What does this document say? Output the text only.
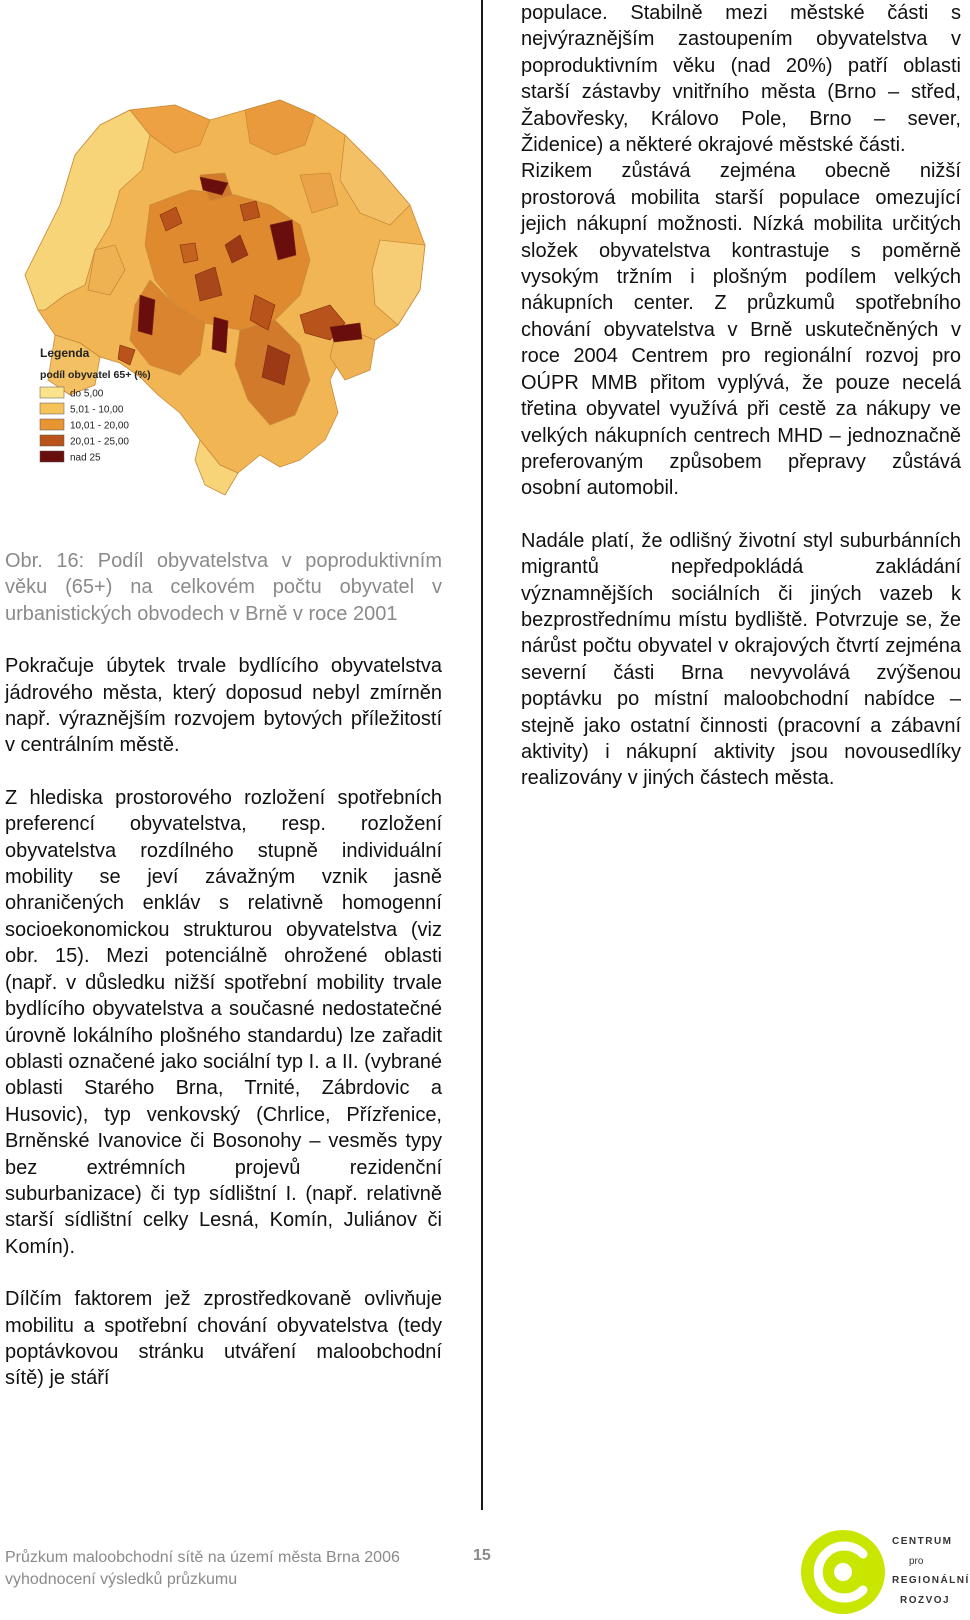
Legenda
podíl obyvatel 65+ (%)
do 5,00
5,01 - 10,00
10,01 - 20,00
20,01 - 25,00
nad 25

Obr. 16: Podíl obyvatelstva v poproduktivním věku (65+) na celkovém počtu obyvatel v urbanistických obvodech v Brně v roce 2001

Pokračuje úbytek trvale bydlícího obyvatelstva jádrového města, který doposud nebyl zmírněn např. výraznějším rozvojem bytových příležitostí v centrálním městě.

Z hlediska prostorového rozložení spotřebních preferencí obyvatelstva, resp. rozložení obyvatelstva rozdílného stupně individuální mobility se jeví závažným vznik jasně ohraničených enkláv s relativně homogenní socioekonomickou strukturou obyvatelstva (viz obr. 15). Mezi potenciálně ohrožené oblasti (např. v důsledku nižší spotřební mobility trvale bydlícího obyvatelstva a současné nedostatečné úrovně lokálního plošného standardu) lze zařadit oblasti označené jako sociální typ I. a II. (vybrané oblasti Starého Brna, Trnité, Zábrdovic a Husovic), typ venkovský (Chrlice, Přízřenice, Brněnské Ivanovice či Bosonohy – vesměs typy bez extrémních projevů rezidenční suburbanizace) či typ sídlištní I. (např. relativně starší sídlištní celky Lesná, Komín, Juliánov či Komín).

Dílčím faktorem jež zprostředkovaně ovlivňuje mobilitu a spotřební chování obyvatelstva (tedy poptávkovou stránku utváření maloobchodní sítě) je stáří

populace. Stabilně mezi městské části s nejvýraznějším zastoupením obyvatelstva v poproduktivním věku (nad 20%) patří oblasti starší zástavby vnitřního města (Brno – střed, Žabovřesky, Královo Pole, Brno – sever, Židenice) a některé okrajové městské části.

Rizikem zůstává zejména obecně nižší prostorová mobilita starší populace omezující jejich nákupní možnosti. Nízká mobilita určitých složek obyvatelstva kontrastuje s poměrně vysokým tržním i plošným podílem velkých nákupních center. Z průzkumů spotřebního chování obyvatelstva v Brně uskutečněných v roce 2004 Centrem pro regionální rozvoj pro OÚPR MMB přitom vyplývá, že pouze necelá třetina obyvatel využívá při cestě za nákupy ve velkých nákupních centrech MHD – jednoznačně preferovaným způsobem přepravy zůstává osobní automobil.

Nadále platí, že odlišný životní styl suburbánních migrantů nepředpokládá zakládání významnějších sociálních či jiných vazeb k bezprostřednímu místu bydliště. Potvrzuje se, že nárůst počtu obyvatel v okrajových čtvrtí zejména severní části Brna nevyvolává zvýšenou poptávku po místní maloobchodní nabídce – stejně jako ostatní činnosti (pracovní a zábavní aktivity) i nákupní aktivity jsou novousedlíky realizovány v jiných částech města.

Průzkum maloobchodní sítě na území města Brna 2006
vyhodnocení výsledků průzkumu
15
CENTRUM
pro
REGIONÁLNÍ
ROZVOJ
